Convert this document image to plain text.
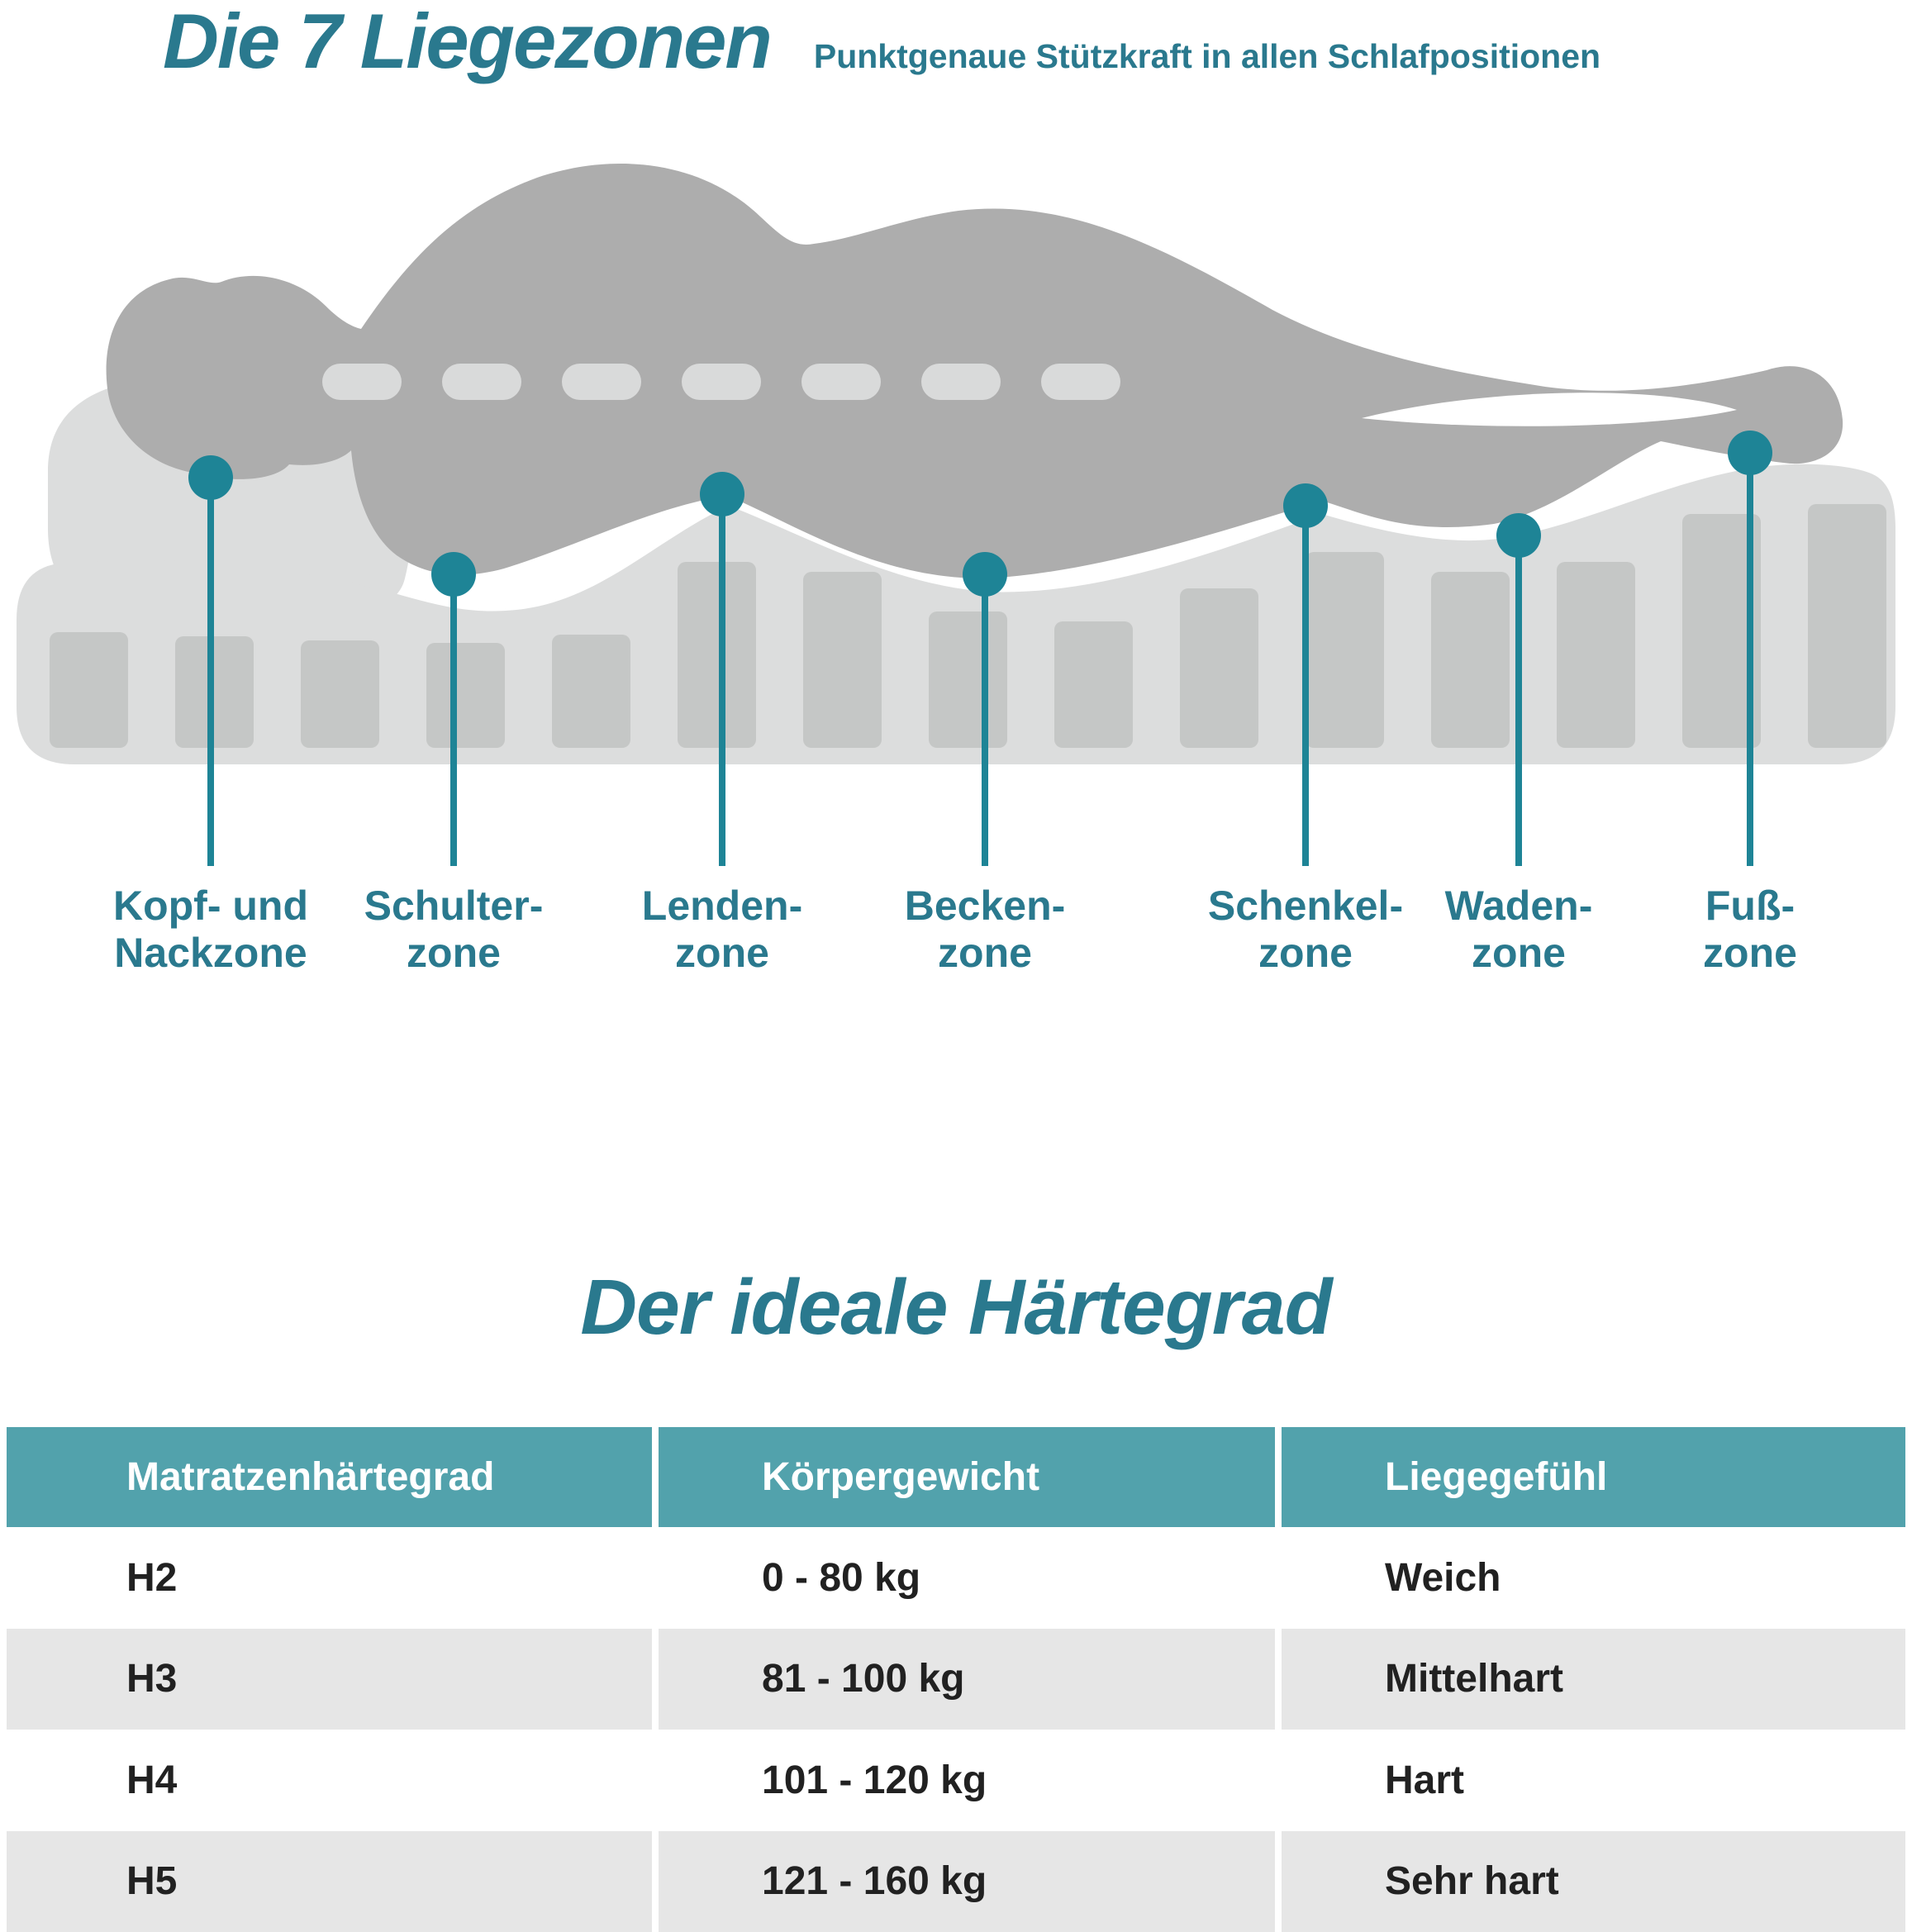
Die 7 Liegezonen Punktgenaue Stützkraft in allen Schlafpositionen
Kopf- und
Nackzone
Schulter-
zone
Lenden-
zone
Becken-
zone
Schenkel-
zone
Waden-
zone
Fuß-
zone
Der ideale Härtegrad
Matratzenhärtegrad	Körpergewicht	Liegegefühl
H2	0 - 80 kg	Weich
H3	81 - 100 kg	Mittelhart
H4	101 - 120 kg	Hart
H5	121 - 160 kg	Sehr hart
